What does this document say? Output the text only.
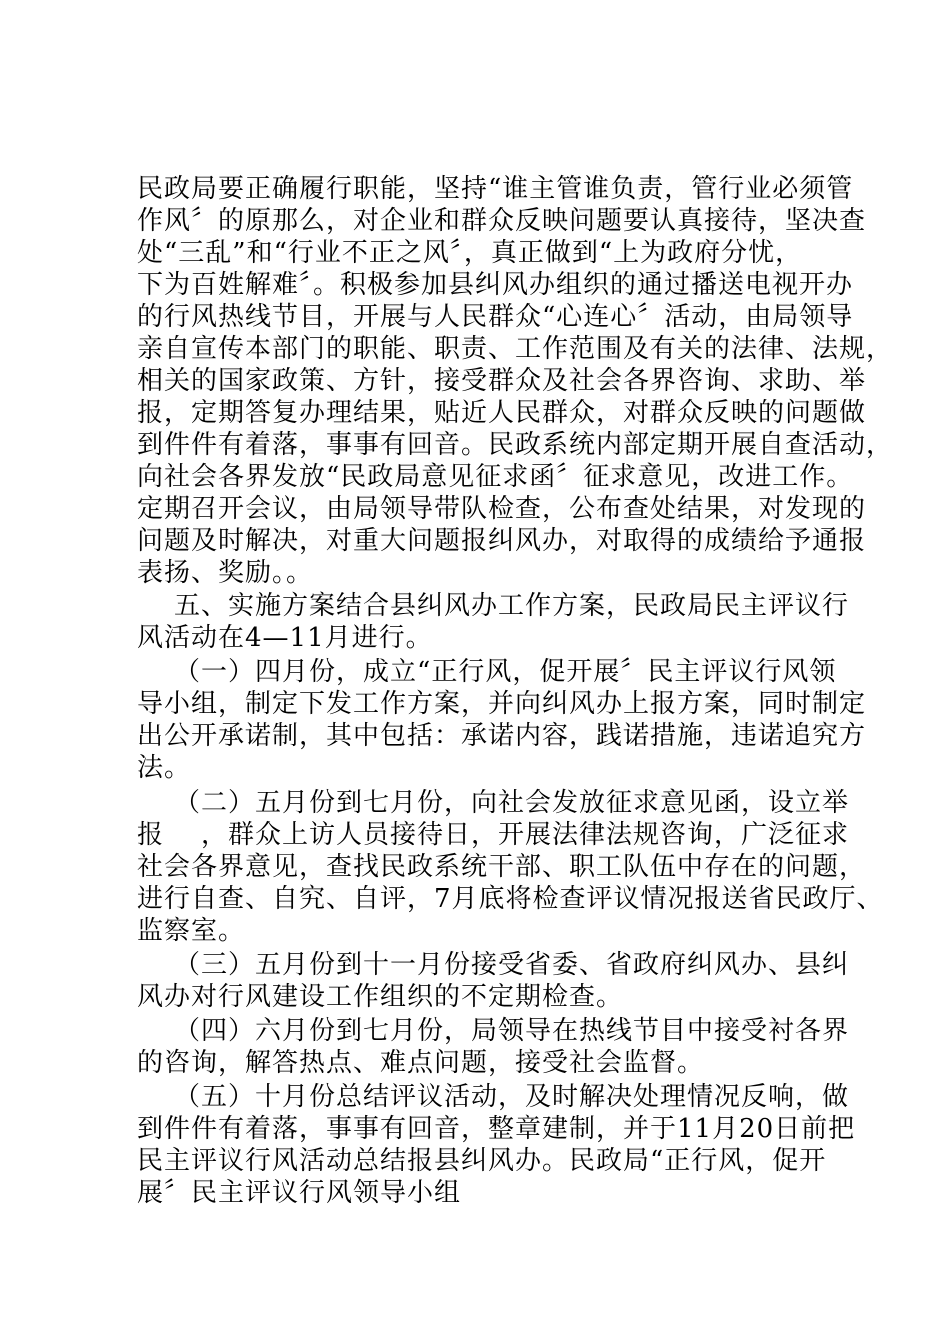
民政局要正确履行职能，坚持“谁主管谁负责，管行业必须管
作风〞的原那么，对企业和群众反映问题要认真接待，坚决查
处“三乱”和“行业不正之风〞，真正做到“上为政府分忧，
下为百姓解难〞。积极参加县纠风办组织的通过播送电视开办
的行风热线节目，开展与人民群众“心连心〞活动，由局领导
亲自宣传本部门的职能、职责、工作范围及有关的法律、法规，
相关的国家政策、方针，接受群众及社会各界咨询、求助、举
报，定期答复办理结果，贴近人民群众，对群众反映的问题做
到件件有着落，事事有回音。民政系统内部定期开展自查活动，
向社会各界发放“民政局意见征求函〞征求意见，改进工作。
定期召开会议，由局领导带队检查，公布查处结果，对发现的
问题及时解决，对重大问题报纠风办，对取得的成绩给予通报
表扬、奖励。。
五、实施方案结合县纠风办工作方案，民政局民主评议行
风活动在4—11月进行。
（一）四月份，成立“正行风，促开展〞民主评议行风领
导小组，制定下发工作方案，并向纠风办上报方案，同时制定
出公开承诺制，其中包括：承诺内容，践诺措施，违诺追究方
法。
（二）五月份到七月份，向社会发放征求意见函，设立举
报    ，群众上访人员接待日，开展法律法规咨询，广泛征求
社会各界意见，查找民政系统干部、职工队伍中存在的问题，
进行自查、自究、自评，7月底将检查评议情况报送省民政厅、
监察室。
（三）五月份到十一月份接受省委、省政府纠风办、县纠
风办对行风建设工作组织的不定期检查。
（四）六月份到七月份，局领导在热线节目中接受衬各界
的咨询，解答热点、难点问题，接受社会监督。
（五）十月份总结评议活动，及时解决处理情况反响，做
到件件有着落，事事有回音，整章建制，并于11月20日前把
民主评议行风活动总结报县纠风办。民政局“正行风，促开
展〞民主评议行风领导小组
